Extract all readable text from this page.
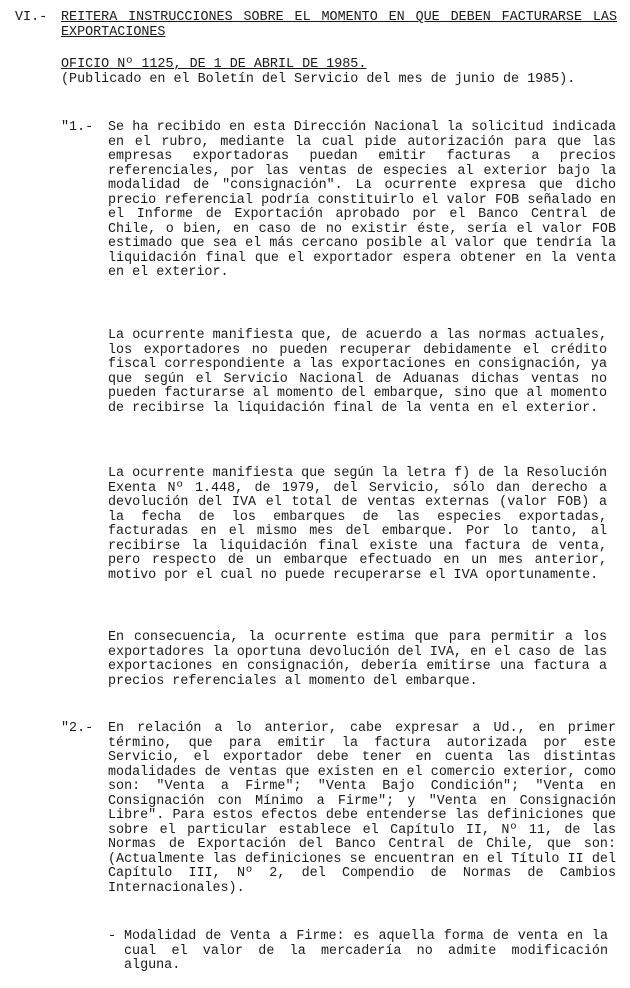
VI.- REITERA INSTRUCCIONES SOBRE EL MOMENTO EN QUE DEBEN FACTURARSE LAS EXPORTACIONES
OFICIO Nº 1125, DE 1 DE ABRIL DE 1985.
(Publicado en el Boletín del Servicio del mes de junio de 1985).
"1.- Se ha recibido en esta Dirección Nacional la solicitud indicada en el rubro, mediante la cual pide autorización para que las empresas exportadoras puedan emitir facturas a precios referenciales, por las ventas de especies al exterior bajo la modalidad de "consignación". La ocurrente expresa que dicho precio referencial podría constituirlo el valor FOB señalado en el Informe de Exportación aprobado por el Banco Central de Chile, o bien, en caso de no existir éste, sería el valor FOB estimado que sea el más cercano posible al valor que tendría la liquidación final que el exportador espera obtener en la venta en el exterior.

La ocurrente manifiesta que, de acuerdo a las normas actuales, los exportadores no pueden recuperar debidamente el crédito fiscal correspondiente a las exportaciones en consignación, ya que según el Servicio Nacional de Aduanas dichas ventas no pueden facturarse al momento del embarque, sino que al momento de recibirse la liquidación final de la venta en el exterior.

La ocurrente manifiesta que según la letra f) de la Resolución Exenta Nº 1.448, de 1979, del Servicio, sólo dan derecho a devolución del IVA el total de ventas externas (valor FOB) a la fecha de los embarques de las especies exportadas, facturadas en el mismo mes del embarque. Por lo tanto, al recibirse la liquidación final existe una factura de venta, pero respecto de un embarque efectuado en un mes anterior, motivo por el cual no puede recuperarse el IVA oportunamente.

En consecuencia, la ocurrente estima que para permitir a los exportadores la oportuna devolución del IVA, en el caso de las exportaciones en consignación, debería emitirse una factura a precios referenciales al momento del embarque.

"2.- En relación a lo anterior, cabe expresar a Ud., en primer término, que para emitir la factura autorizada por este Servicio, el exportador debe tener en cuenta las distintas modalidades de ventas que existen en el comercio exterior, como son: "Venta a Firme"; "Venta Bajo Condición"; "Venta en Consignación con Mínimo a Firme"; y "Venta en Consignación Libre". Para estos efectos debe entenderse las definiciones que sobre el particular establece el Capítulo II, Nº 11, de las Normas de Exportación del Banco Central de Chile, que son: (Actualmente las definiciones se encuentran en el Título II del Capítulo III, Nº 2, del Compendio de Normas de Cambios Internacionales).

- Modalidad de Venta a Firme: es aquella forma de venta en la cual el valor de la mercadería no admite modificación alguna.
